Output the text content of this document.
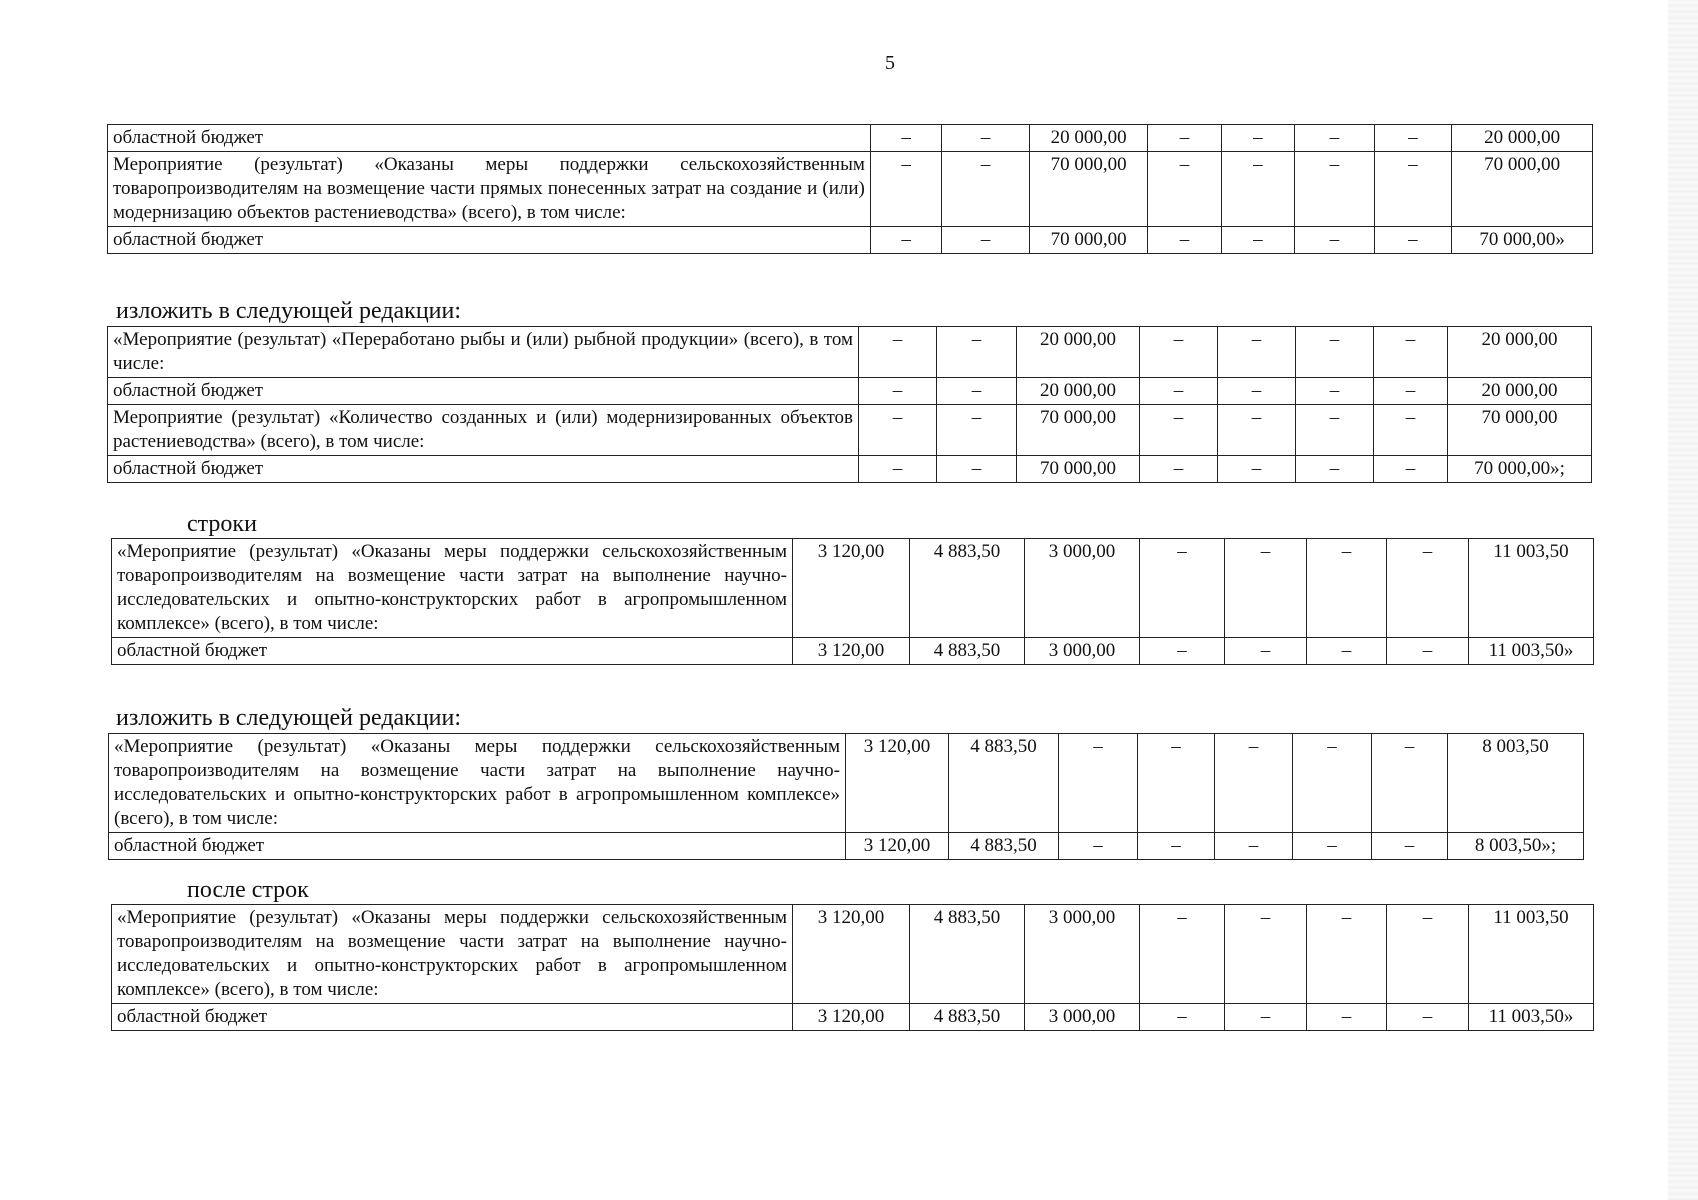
5
областной бюджет	–	–	20 000,00	–	–	–	–	20 000,00
Мероприятие (результат) «Оказаны меры поддержки сельскохозяйственным товаропроизводителям на возмещение части прямых понесенных затрат на создание и (или) модернизацию объектов растениеводства» (всего), в том числе:	–	–	70 000,00	–	–	–	–	70 000,00
областной бюджет	–	–	70 000,00	–	–	–	–	70 000,00»
изложить в следующей редакции:
«Мероприятие (результат) «Переработано рыбы и (или) рыбной продукции» (всего), в том числе:	–	–	20 000,00	–	–	–	–	20 000,00
областной бюджет	–	–	20 000,00	–	–	–	–	20 000,00
Мероприятие (результат) «Количество созданных и (или) модернизированных объектов растениеводства» (всего), в том числе:	–	–	70 000,00	–	–	–	–	70 000,00
областной бюджет	–	–	70 000,00	–	–	–	–	70 000,00»;
строки
«Мероприятие (результат) «Оказаны меры поддержки сельскохозяйственным товаропроизводителям на возмещение части затрат на выполнение научно-исследовательских и опытно-конструкторских работ в агропромышленном комплексе» (всего), в том числе:	3 120,00	4 883,50	3 000,00	–	–	–	–	11 003,50
областной бюджет	3 120,00	4 883,50	3 000,00	–	–	–	–	11 003,50»
изложить в следующей редакции:
«Мероприятие (результат) «Оказаны меры поддержки сельскохозяйственным товаропроизводителям на возмещение части затрат на выполнение научно-исследовательских и опытно-конструкторских работ в агропромышленном комплексе» (всего), в том числе:	3 120,00	4 883,50	–	–	–	–	–	8 003,50
областной бюджет	3 120,00	4 883,50	–	–	–	–	–	8 003,50»;
после строк
«Мероприятие (результат) «Оказаны меры поддержки сельскохозяйственным товаропроизводителям на возмещение части затрат на выполнение научно-исследовательских и опытно-конструкторских работ в агропромышленном комплексе» (всего), в том числе:	3 120,00	4 883,50	3 000,00	–	–	–	–	11 003,50
областной бюджет	3 120,00	4 883,50	3 000,00	–	–	–	–	11 003,50»
